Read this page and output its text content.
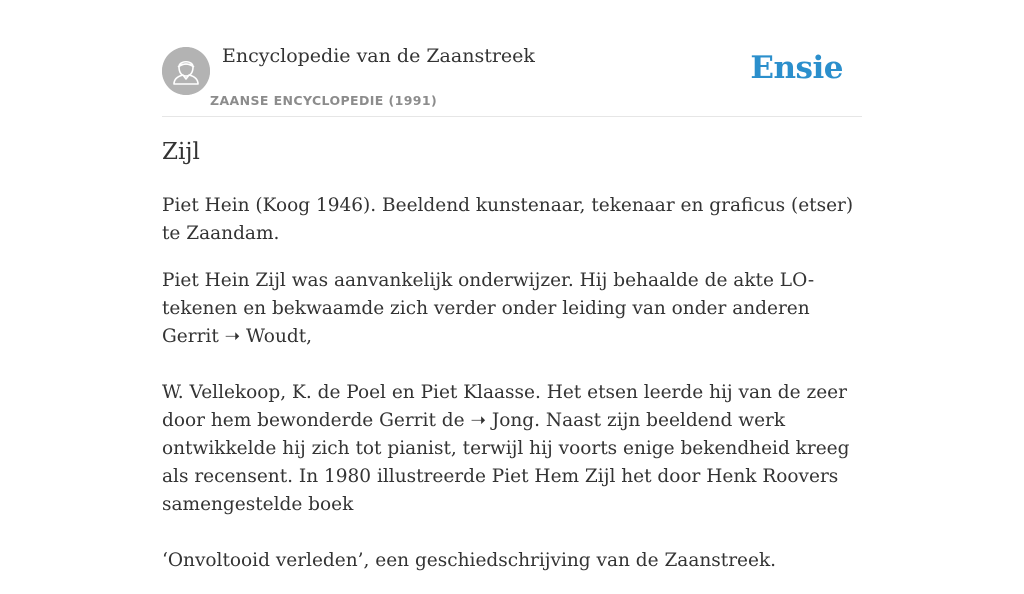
Encyclopedie van de Zaanstreek
ZAANSE ENCYCLOPEDIE (1991)
Ensie
Zijl

Piet Hein (Koog 1946). Beeldend kunstenaar, tekenaar en graficus (etser) te Zaandam.

Piet Hein Zijl was aanvankelijk onderwijzer. Hij behaalde de akte LO-tekenen en bekwaamde zich verder onder leiding van onder anderen Gerrit ➝ Woudt,

W. Vellekoop, K. de Poel en Piet Klaasse. Het etsen leerde hij van de zeer door hem bewonderde Gerrit de ➝ Jong. Naast zijn beeldend werk ontwikkelde hij zich tot pianist, terwijl hij voorts enige bekendheid kreeg als recensent. In 1980 illustreerde Piet Hem Zijl het door Henk Roovers samengestelde boek

‘Onvoltooid verleden’, een geschiedschrijving van de Zaanstreek.
